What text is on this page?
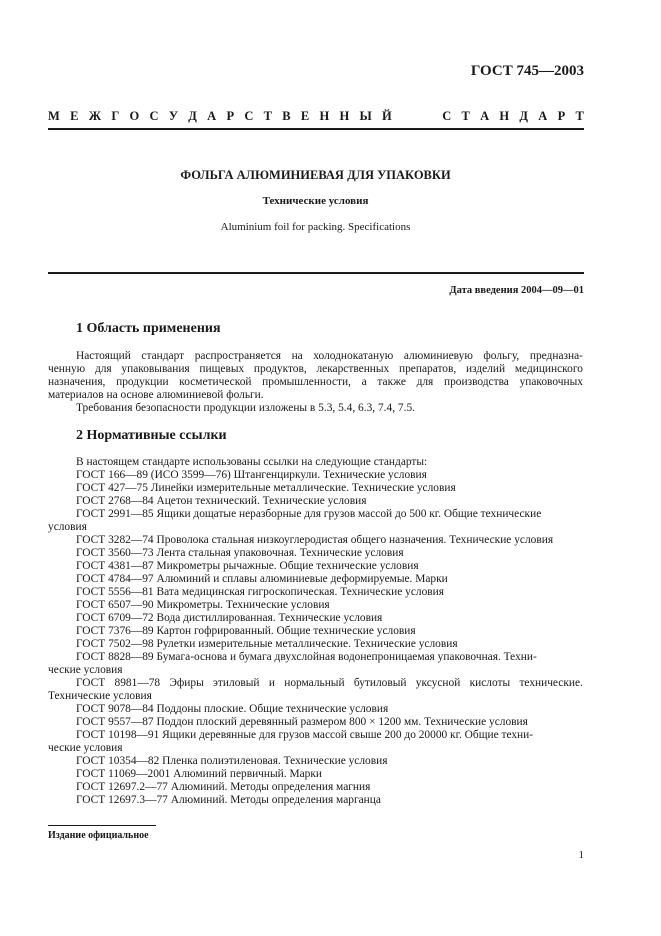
ГОСТ 745—2003
М Е Ж Г О С У Д А Р С Т В Е Н Н Ы Й

	С Т А Н Д А Р Т
ФОЛЬГА АЛЮМИНИЕВАЯ ДЛЯ УПАКОВКИ
Технические условия
Aluminium foil for packing. Specifications
Дата введения 2004—09—01
1 Область применения
Настоящий стандарт распространяется на холоднокатаную алюминиевую фольгу, предназна-
ченную для упаковывания пищевых продуктов, лекарственных препаратов, изделий медицинского
назначения, продукции косметической промышленности, а также для производства упаковочных
материалов на основе алюминиевой фольги.
Требования безопасности продукции изложены в 5.3, 5.4, 6.3, 7.4, 7.5.
2 Нормативные ссылки
В настоящем стандарте использованы ссылки на следующие стандарты:
ГОСТ 166—89 (ИСО 3599—76) Штангенциркули. Технические условия
ГОСТ 427—75 Линейки измерительные металлические. Технические условия
ГОСТ 2768—84 Ацетон технический. Технические условия
ГОСТ 2991—85 Ящики дощатые неразборные для грузов массой до 500 кг. Общие технические
условия
ГОСТ 3282—74 Проволока стальная низкоуглеродистая общего назначения. Технические условия
ГОСТ 3560—73 Лента стальная упаковочная. Технические условия
ГОСТ 4381—87 Микрометры рычажные. Общие технические условия
ГОСТ 4784—97 Алюминий и сплавы алюминиевые деформируемые. Марки
ГОСТ 5556—81 Вата медицинская гигроскопическая. Технические условия
ГОСТ 6507—90 Микрометры. Технические условия
ГОСТ 6709—72 Вода дистиллированная. Технические условия
ГОСТ 7376—89 Картон гофрированный. Общие технические условия
ГОСТ 7502—98 Рулетки измерительные металлические. Технические условия
ГОСТ 8828—89 Бумага-основа и бумага двухслойная водонепроницаемая упаковочная. Техни-
ческие условия
ГОСТ 8981—78 Эфиры этиловый и нормальный бутиловый уксусной кислоты технические.
Технические условия
ГОСТ 9078—84 Поддоны плоские. Общие технические условия
ГОСТ 9557—87 Поддон плоский деревянный размером 800 × 1200 мм. Технические условия
ГОСТ 10198—91 Ящики деревянные для грузов массой свыше 200 до 20000 кг. Общие техни-
ческие условия
ГОСТ 10354—82 Пленка полиэтиленовая. Технические условия
ГОСТ 11069—2001 Алюминий первичный. Марки
ГОСТ 12697.2—77 Алюминий. Методы определения магния
ГОСТ 12697.3—77 Алюминий. Методы определения марганца
Издание официальное
1
